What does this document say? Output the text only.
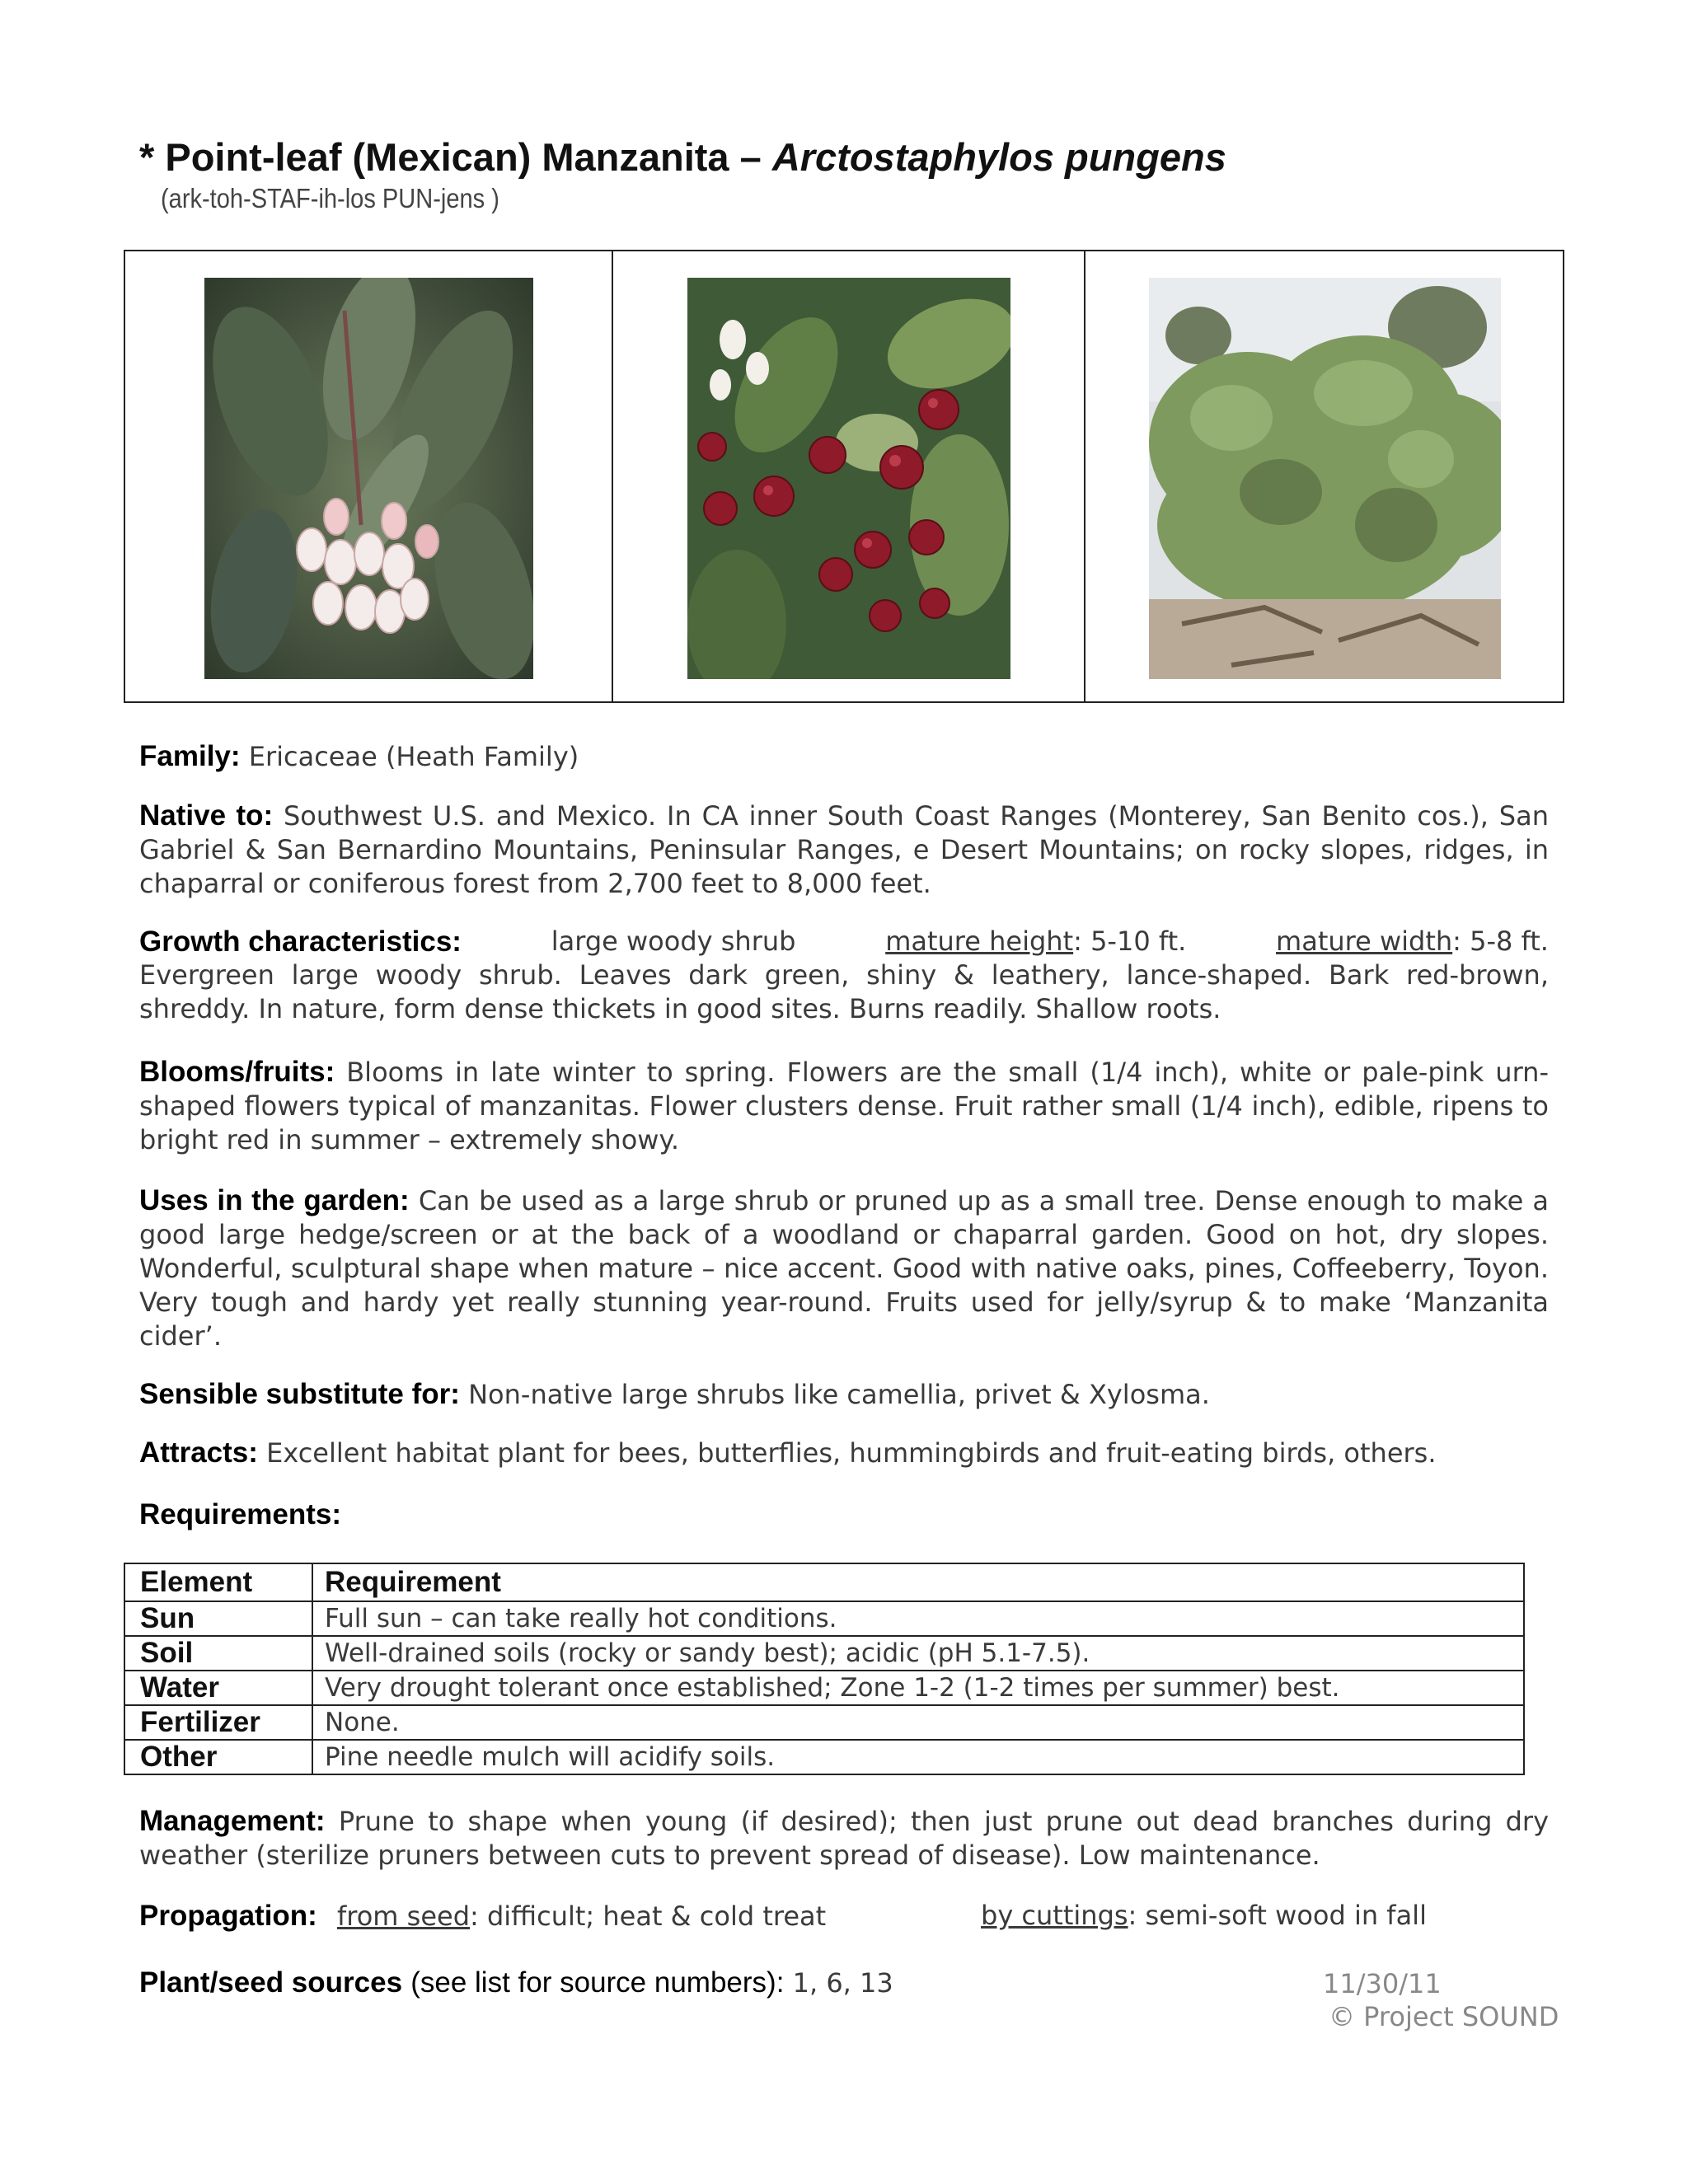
* Point-leaf (Mexican) Manzanita – Arctostaphylos pungens
(ark-toh-STAF-ih-los PUN-jens )
Family: Ericaceae (Heath Family)
Native to: Southwest U.S. and Mexico. In CA inner South Coast Ranges (Monterey, San Benito cos.), San Gabriel & San Bernardino Mountains, Peninsular Ranges, e Desert Mountains; on rocky slopes, ridges, in chaparral or coniferous forest from 2,700 feet to 8,000 feet.
Growth characteristics:	large woody shrub	mature height: 5-10 ft.	mature width: 5-8 ft.
Evergreen large woody shrub. Leaves dark green, shiny & leathery, lance-shaped. Bark red-brown, shreddy. In nature, form dense thickets in good sites. Burns readily. Shallow roots.
Blooms/fruits: Blooms in late winter to spring. Flowers are the small (1/4 inch), white or pale-pink urn-shaped flowers typical of manzanitas. Flower clusters dense. Fruit rather small (1/4 inch), edible, ripens to bright red in summer – extremely showy.
Uses in the garden: Can be used as a large shrub or pruned up as a small tree. Dense enough to make a good large hedge/screen or at the back of a woodland or chaparral garden. Good on hot, dry slopes. Wonderful, sculptural shape when mature – nice accent. Good with native oaks, pines, Coffeeberry, Toyon. Very tough and hardy yet really stunning year-round. Fruits used for jelly/syrup & to make ‘Manzanita cider’.
Sensible substitute for: Non-native large shrubs like camellia, privet & Xylosma.
Attracts: Excellent habitat plant for bees, butterflies, hummingbirds and fruit-eating birds, others.
Requirements:
Element	Requirement
Sun	Full sun – can take really hot conditions.
Soil	Well-drained soils (rocky or sandy best); acidic (pH 5.1-7.5).
Water	Very drought tolerant once established; Zone 1-2 (1-2 times per summer) best.
Fertilizer	None.
Other	Pine needle mulch will acidify soils.
Management: Prune to shape when young (if desired); then just prune out dead branches during dry weather (sterilize pruners between cuts to prevent spread of disease). Low maintenance.
Propagation: from seed: difficult; heat & cold treat	by cuttings: semi-soft wood in fall
Plant/seed sources (see list for source numbers): 1, 6, 13	11/30/11
© Project SOUND
